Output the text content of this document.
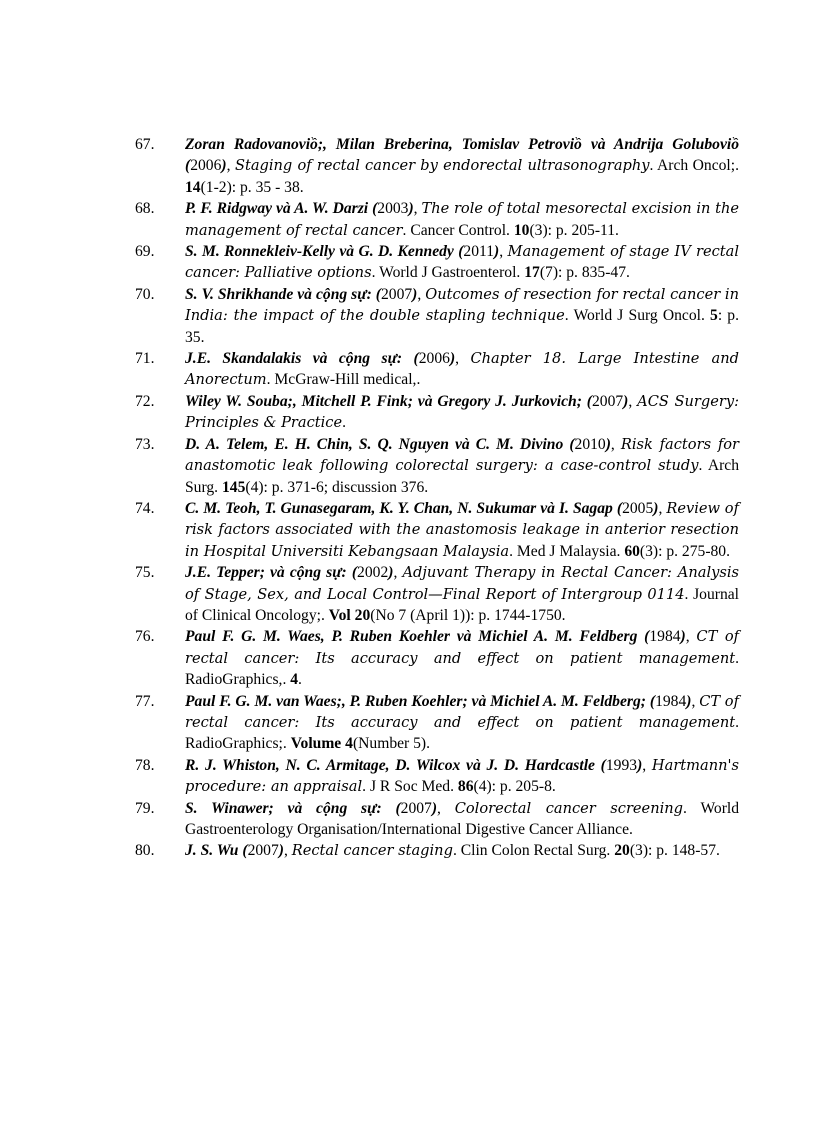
67.	Zoran Radovanoviồ;, Milan Breberina, Tomislav Petroviồ và Andrija Goluboviồ (2006), Staging of rectal cancer by endorectal ultrasonography. Arch Oncol;. 14(1-2): p. 35 - 38.
68.	P. F. Ridgway và A. W. Darzi (2003), The role of total mesorectal excision in the management of rectal cancer. Cancer Control. 10(3): p. 205-11.
69.	S. M. Ronnekleiv-Kelly và G. D. Kennedy (2011), Management of stage IV rectal cancer: Palliative options. World J Gastroenterol. 17(7): p. 835-47.
70.	S. V. Shrikhande và cộng sự: (2007), Outcomes of resection for rectal cancer in India: the impact of the double stapling technique. World J Surg Oncol. 5: p. 35.
71.	J.E. Skandalakis và cộng sự: (2006), Chapter 18. Large Intestine and Anorectum. McGraw-Hill medical,.
72.	Wiley W. Souba;, Mitchell P. Fink; và Gregory J. Jurkovich; (2007), ACS Surgery: Principles & Practice.
73.	D. A. Telem, E. H. Chin, S. Q. Nguyen và C. M. Divino (2010), Risk factors for anastomotic leak following colorectal surgery: a case-control study. Arch Surg. 145(4): p. 371-6; discussion 376.
74.	C. M. Teoh, T. Gunasegaram, K. Y. Chan, N. Sukumar và I. Sagap (2005), Review of risk factors associated with the anastomosis leakage in anterior resection in Hospital Universiti Kebangsaan Malaysia. Med J Malaysia. 60(3): p. 275-80.
75.	J.E. Tepper; và cộng sự: (2002), Adjuvant Therapy in Rectal Cancer: Analysis of Stage, Sex, and Local Control—Final Report of Intergroup 0114. Journal of Clinical Oncology;. Vol 20(No 7 (April 1)): p. 1744-1750.
76.	Paul F. G. M. Waes, P. Ruben Koehler và Michiel A. M. Feldberg (1984), CT of rectal cancer: Its accuracy and effect on patient management. RadioGraphics,. 4.
77.	Paul F. G. M. van Waes;, P. Ruben Koehler; và Michiel A. M. Feldberg; (1984), CT of rectal cancer: Its accuracy and effect on patient management. RadioGraphics;. Volume 4(Number 5).
78.	R. J. Whiston, N. C. Armitage, D. Wilcox và J. D. Hardcastle (1993), Hartmann's procedure: an appraisal. J R Soc Med. 86(4): p. 205-8.
79.	S. Winawer; và cộng sự: (2007), Colorectal cancer screening. World Gastroenterology Organisation/International Digestive Cancer Alliance.
80.	J. S. Wu (2007), Rectal cancer staging. Clin Colon Rectal Surg. 20(3): p. 148-57.
